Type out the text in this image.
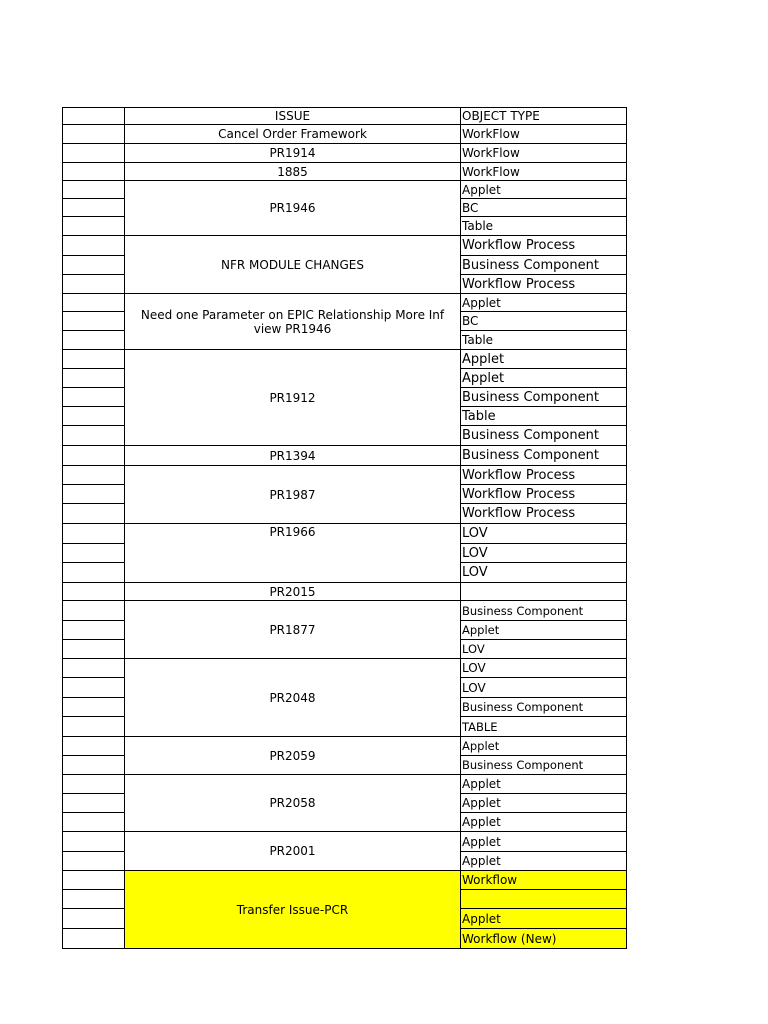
ISSUE	OBJECT TYPE
Cancel Order Framework
PR1914
1885
PR1946
NFR MODULE CHANGES
Need one Parameter on EPIC Relationship More Inf view PR1946
PR1912
PR1394
PR1987
PR1966
PR2015
PR1877
PR2048
PR2059
PR2058
PR2001
Transfer Issue-PCR
WorkFlow
WorkFlow
WorkFlow
Applet
BC
Table
Workflow Process
Business Component
Workflow Process
Applet
BC
Table
Applet
Applet
Business Component
Table
Business Component
Business Component
Workflow Process
Workflow Process
Workflow Process
LOV
LOV
LOV
Business Component
Applet
LOV
LOV
LOV
Business Component
TABLE
Applet
Business Component
Applet
Applet
Applet
Applet
Applet
Workflow
Applet
Workflow (New)
